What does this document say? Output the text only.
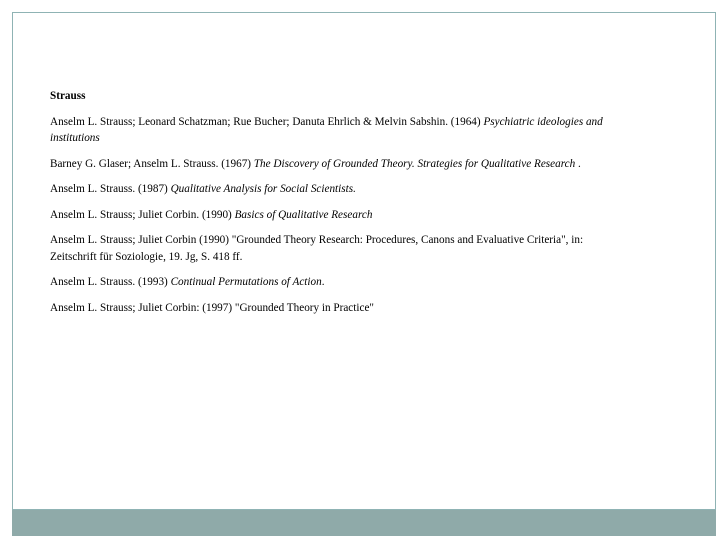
Strauss

Anselm L. Strauss; Leonard Schatzman; Rue Bucher; Danuta Ehrlich & Melvin Sabshin. (1964) Psychiatric ideologies and institutions

Barney G. Glaser; Anselm L. Strauss. (1967) The Discovery of Grounded Theory. Strategies for Qualitative Research .

Anselm L. Strauss. (1987) Qualitative Analysis for Social Scientists.

Anselm L. Strauss; Juliet Corbin. (1990) Basics of Qualitative Research

Anselm L. Strauss; Juliet Corbin (1990) "Grounded Theory Research: Procedures, Canons and Evaluative Criteria", in: Zeitschrift für Soziologie, 19. Jg, S. 418 ff.

Anselm L. Strauss. (1993) Continual Permutations of Action.

Anselm L. Strauss; Juliet Corbin: (1997) "Grounded Theory in Practice"
